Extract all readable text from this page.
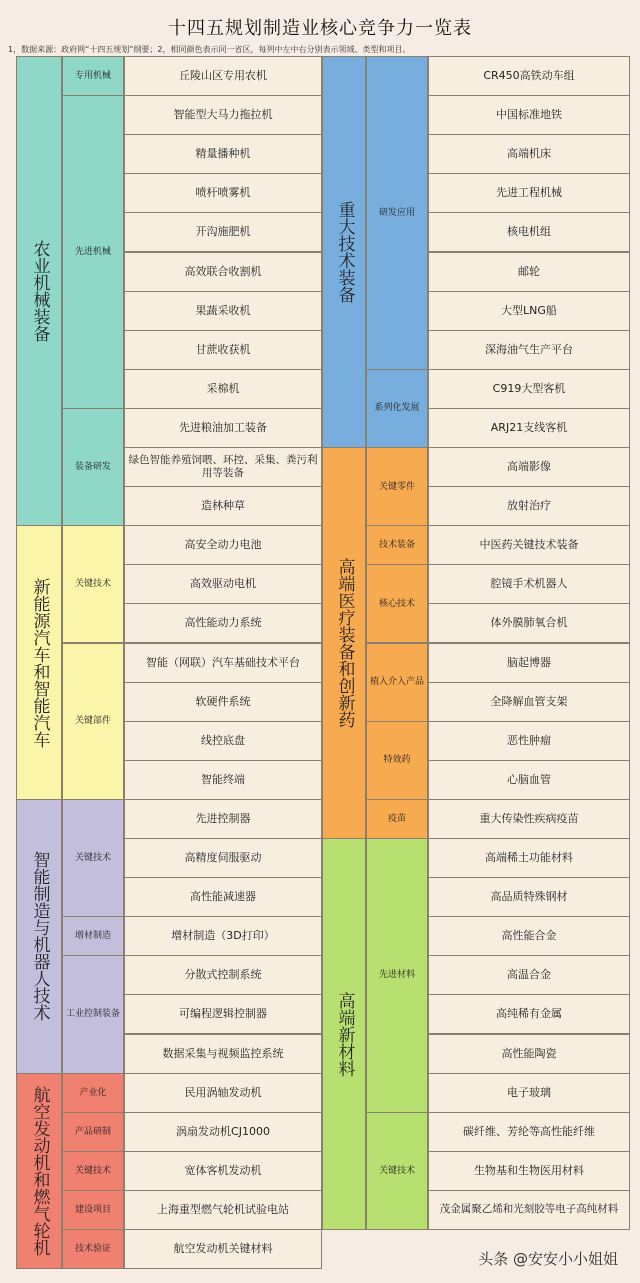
十四五规划制造业核心竞争力一览表
1，数据来源：政府网“十四五规划”纲要；2，相同颜色表示同一省区，每列中左中右分别表示领域、类型和项目。
丘陵山区专用农机
专用机械
智能型大马力拖拉机
精量播种机
喷杆喷雾机
开沟施肥机
高效联合收割机
果蔬采收机
甘蔗收获机
采棉机
先进机械
先进粮油加工装备
绿色智能养殖饲喂、环控、采集、粪污利用等装备
造林种草
装备研发
农业机械装备
高安全动力电池
高效驱动电机
高性能动力系统
关键技术
智能（网联）汽车基础技术平台
软硬件系统
线控底盘
智能终端
关键部件
新能源汽车和智能汽车
先进控制器
高精度伺服驱动
高性能减速器
关键技术
增材制造（3D打印）
增材制造
分散式控制系统
可编程逻辑控制器
数据采集与视频监控系统
工业控制装备
智能制造与机器人技术
民用涡轴发动机
产业化
涡扇发动机CJ1000
产品研制
宽体客机发动机
关键技术
上海重型燃气轮机试验电站
建设项目
航空发动机关键材料
技术验证
航空发动机和燃气轮机
CR450高铁动车组
中国标准地铁
高端机床
先进工程机械
核电机组
邮轮
大型LNG船
深海油气生产平台
研发应用
C919大型客机
ARJ21支线客机
系列化发展
重大技术装备
高端影像
放射治疗
关键零件
中医药关键技术装备
技术装备
腔镜手术机器人
体外膜肺氧合机
核心技术
脑起博器
全降解血管支架
植入介入产品
恶性肿瘤
心脑血管
特效药
重大传染性疾病疫苗
疫苗
高端医疗装备和创新药
高端稀土功能材料
高品质特殊钢材
高性能合金
高温合金
高纯稀有金属
高性能陶瓷
电子玻璃
先进材料
碳纤维、芳纶等高性能纤维
生物基和生物医用材料
茂金属聚乙烯和光刻胶等电子高纯材料
关键技术
高端新材料
头条 @安安小小姐姐
